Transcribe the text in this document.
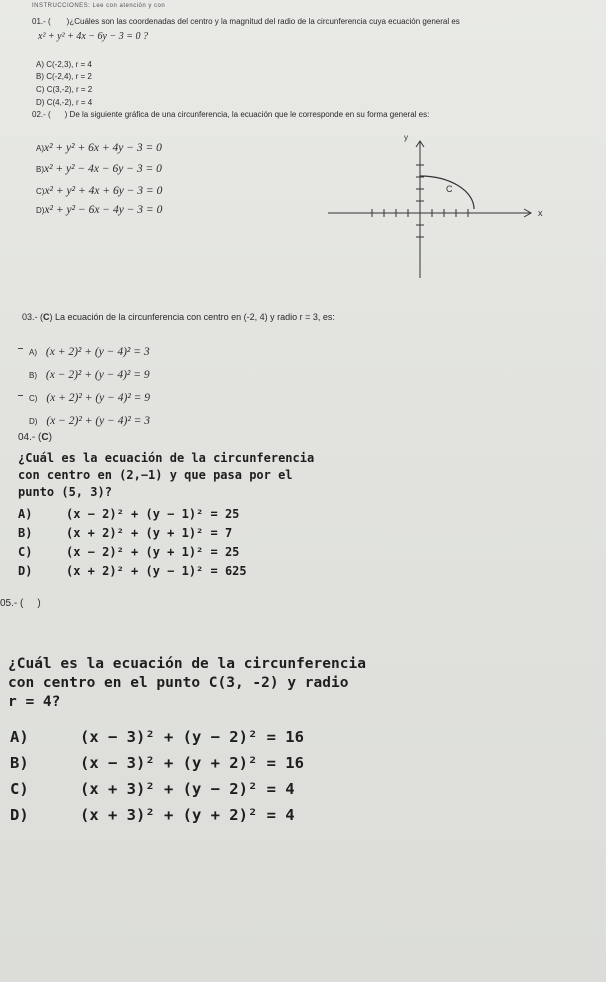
INSTRUCCIONES: Lee con atención y con
01.- ( )¿Cuáles son las coordenadas del centro y la magnitud del radio de la circunferencia cuya ecuación general es
x² + y² + 4x − 6y − 3 = 0 ?
A) C(-2,3), r = 4
B) C(-2,4), r = 2
C) C(3,-2), r = 2
D) C(4,-2), r = 4
02.- ( ) De la siguiente gráfica de una circunferencia, la ecuación que le corresponde en su forma general es:
A)x² + y² + 6x + 4y − 3 = 0
B)x² + y² − 4x − 6y − 3 = 0
C)x² + y² + 4x + 6y − 3 = 0
D)x² + y² − 6x − 4y − 3 = 0
y
x
C
03.- (C) La ecuación de la circunferencia con centro en (-2, 4) y radio r = 3, es:
A) (x + 2)² + (y − 4)² = 3
B) (x − 2)² + (y − 4)² = 9
C) (x + 2)² + (y − 4)² = 9
D) (x − 2)² + (y − 4)² = 3
04.- (C)
¿Cuál es la ecuación de la circunferencia
con centro en (2,−1) y que pasa por el
punto (5, 3)?
A)	(x − 2)² + (y − 1)² = 25
B)	(x + 2)² + (y + 1)² = 7
C)	(x − 2)² + (y + 1)² = 25
D)	(x + 2)² + (y − 1)² = 625
05.- ( )
¿Cuál es la ecuación de la circunferencia
con centro en el punto C(3, -2) y radio
r = 4?
A)	(x − 3)² + (y − 2)² = 16
B)	(x − 3)² + (y + 2)² = 16
C)	(x + 3)² + (y − 2)² = 4
D)	(x + 3)² + (y + 2)² = 4
